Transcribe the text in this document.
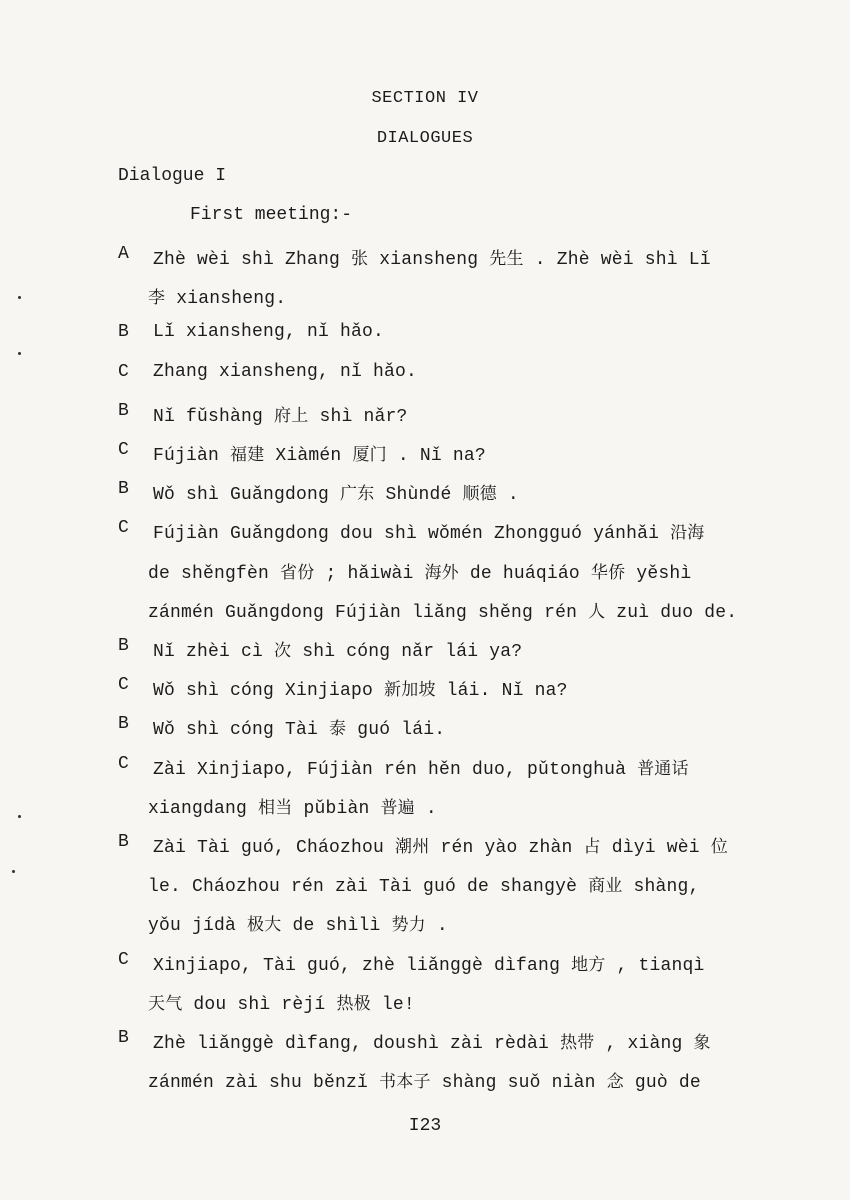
SECTION IV
DIALOGUES
Dialogue I
First meeting:-
A Zhè wèi shì Zhang 张 xiansheng 先生 . Zhè wèi shì Lǐ
李 xiansheng.
B Lǐ xiansheng, nǐ hǎo.
C Zhang xiansheng, nǐ hǎo.
B Nǐ fǔshàng 府上 shì nǎr?
C Fújiàn 福建 Xiàmén 厦门 . Nǐ na?
B Wǒ shì Guǎngdong 广东 Shùndé 顺德 .
C Fújiàn Guǎngdong dou shì wǒmén Zhongguó yánhǎi 沿海
de shěngfèn 省份 ; hǎiwài 海外 de huáqiáo 华侨 yěshì
zánmén Guǎngdong Fújiàn liǎng shěng rén 人 zuì duo de.
B Nǐ zhèi cì 次 shì cóng nǎr lái ya?
C Wǒ shì cóng Xinjiapo 新加坡 lái. Nǐ na?
B Wǒ shì cóng Tài 泰 guó lái.
C Zài Xinjiapo, Fújiàn rén hěn duo, pǔtonghuà 普通话
xiangdang 相当 pǔbiàn 普遍 .
B Zài Tài guó, Cháozhou 潮州 rén yào zhàn 占 dìyi wèi 位
le. Cháozhou rén zài Tài guó de shangyè 商业 shàng,
yǒu jídà 极大 de shìlì 势力 .
C Xinjiapo, Tài guó, zhè liǎnggè dìfang 地方 , tianqì
天气 dou shì rèjí 热极 le!
B Zhè liǎnggè dìfang, doushì zài rèdài 热带 , xiàng 象
zánmén zài shu běnzǐ 书本子 shàng suǒ niàn 念 guò de
I23
